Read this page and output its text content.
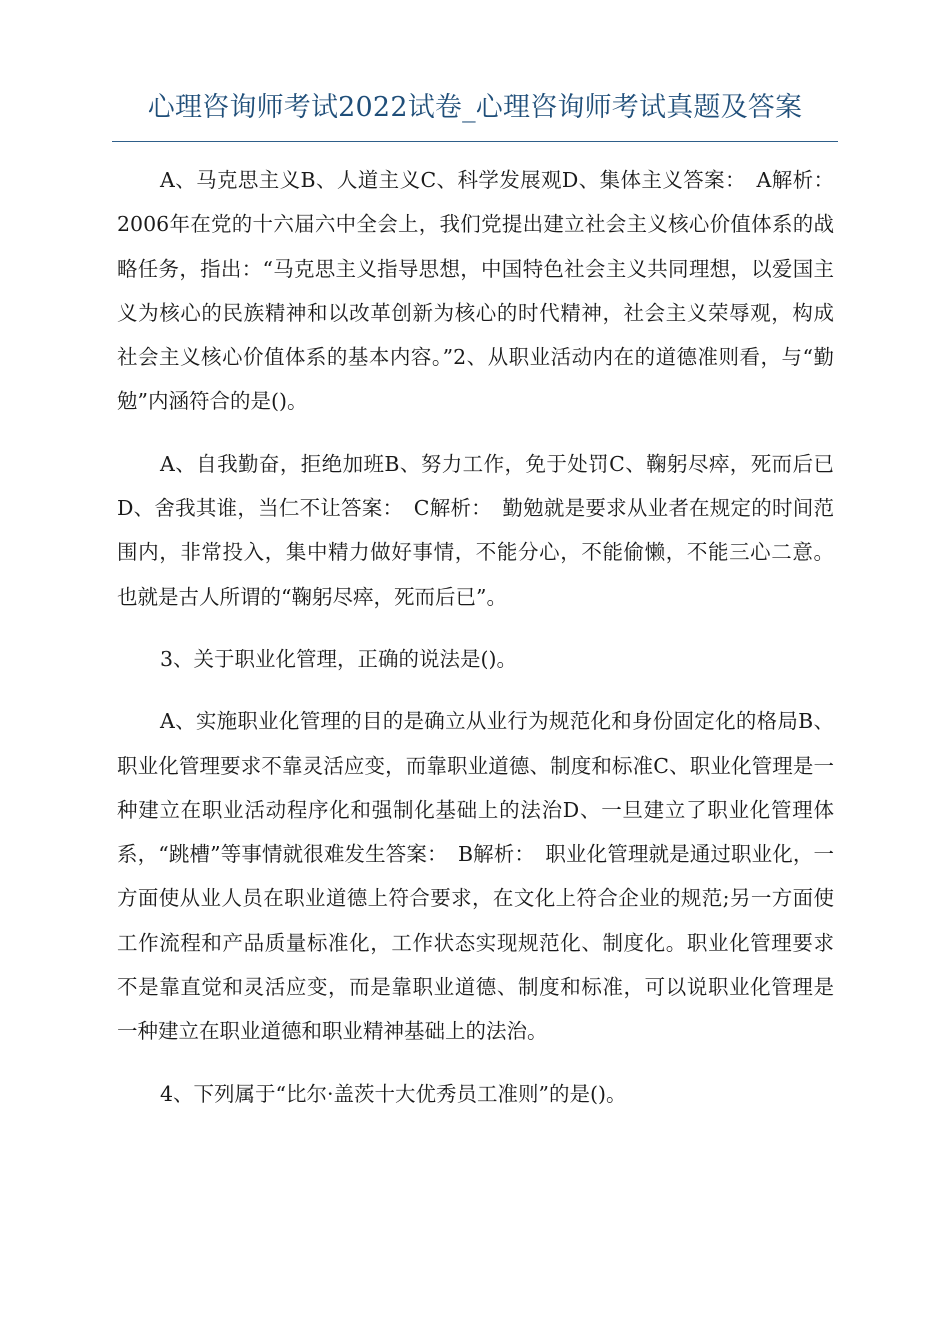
心理咨询师考试2022试卷_心理咨询师考试真题及答案

A、马克思主义B、人道主义C、科学发展观D、集体主义答案：　A解析：2006年在党的十六届六中全会上，我们党提出建立社会主义核心价值体系的战略任务，指出：“马克思主义指导思想，中国特色社会主义共同理想，以爱国主义为核心的民族精神和以改革创新为核心的时代精神，社会主义荣辱观，构成社会主义核心价值体系的基本内容。”2、从职业活动内在的道德准则看，与“勤勉”内涵符合的是()。

A、自我勤奋，拒绝加班B、努力工作，免于处罚C、鞠躬尽瘁，死而后已D、舍我其谁，当仁不让答案：　C解析：　勤勉就是要求从业者在规定的时间范围内，非常投入，集中精力做好事情，不能分心，不能偷懒，不能三心二意。也就是古人所谓的“鞠躬尽瘁，死而后已”。

3、关于职业化管理，正确的说法是()。

A、实施职业化管理的目的是确立从业行为规范化和身份固定化的格局B、职业化管理要求不靠灵活应变，而靠职业道德、制度和标准C、职业化管理是一种建立在职业活动程序化和强制化基础上的法治D、一旦建立了职业化管理体系，“跳槽”等事情就很难发生答案：　B解析：　职业化管理就是通过职业化，一方面使从业人员在职业道德上符合要求，在文化上符合企业的规范;另一方面使工作流程和产品质量标准化，工作状态实现规范化、制度化。职业化管理要求不是靠直觉和灵活应变，而是靠职业道德、制度和标准，可以说职业化管理是一种建立在职业道德和职业精神基础上的法治。

4、下列属于“比尔·盖茨十大优秀员工准则”的是()。
